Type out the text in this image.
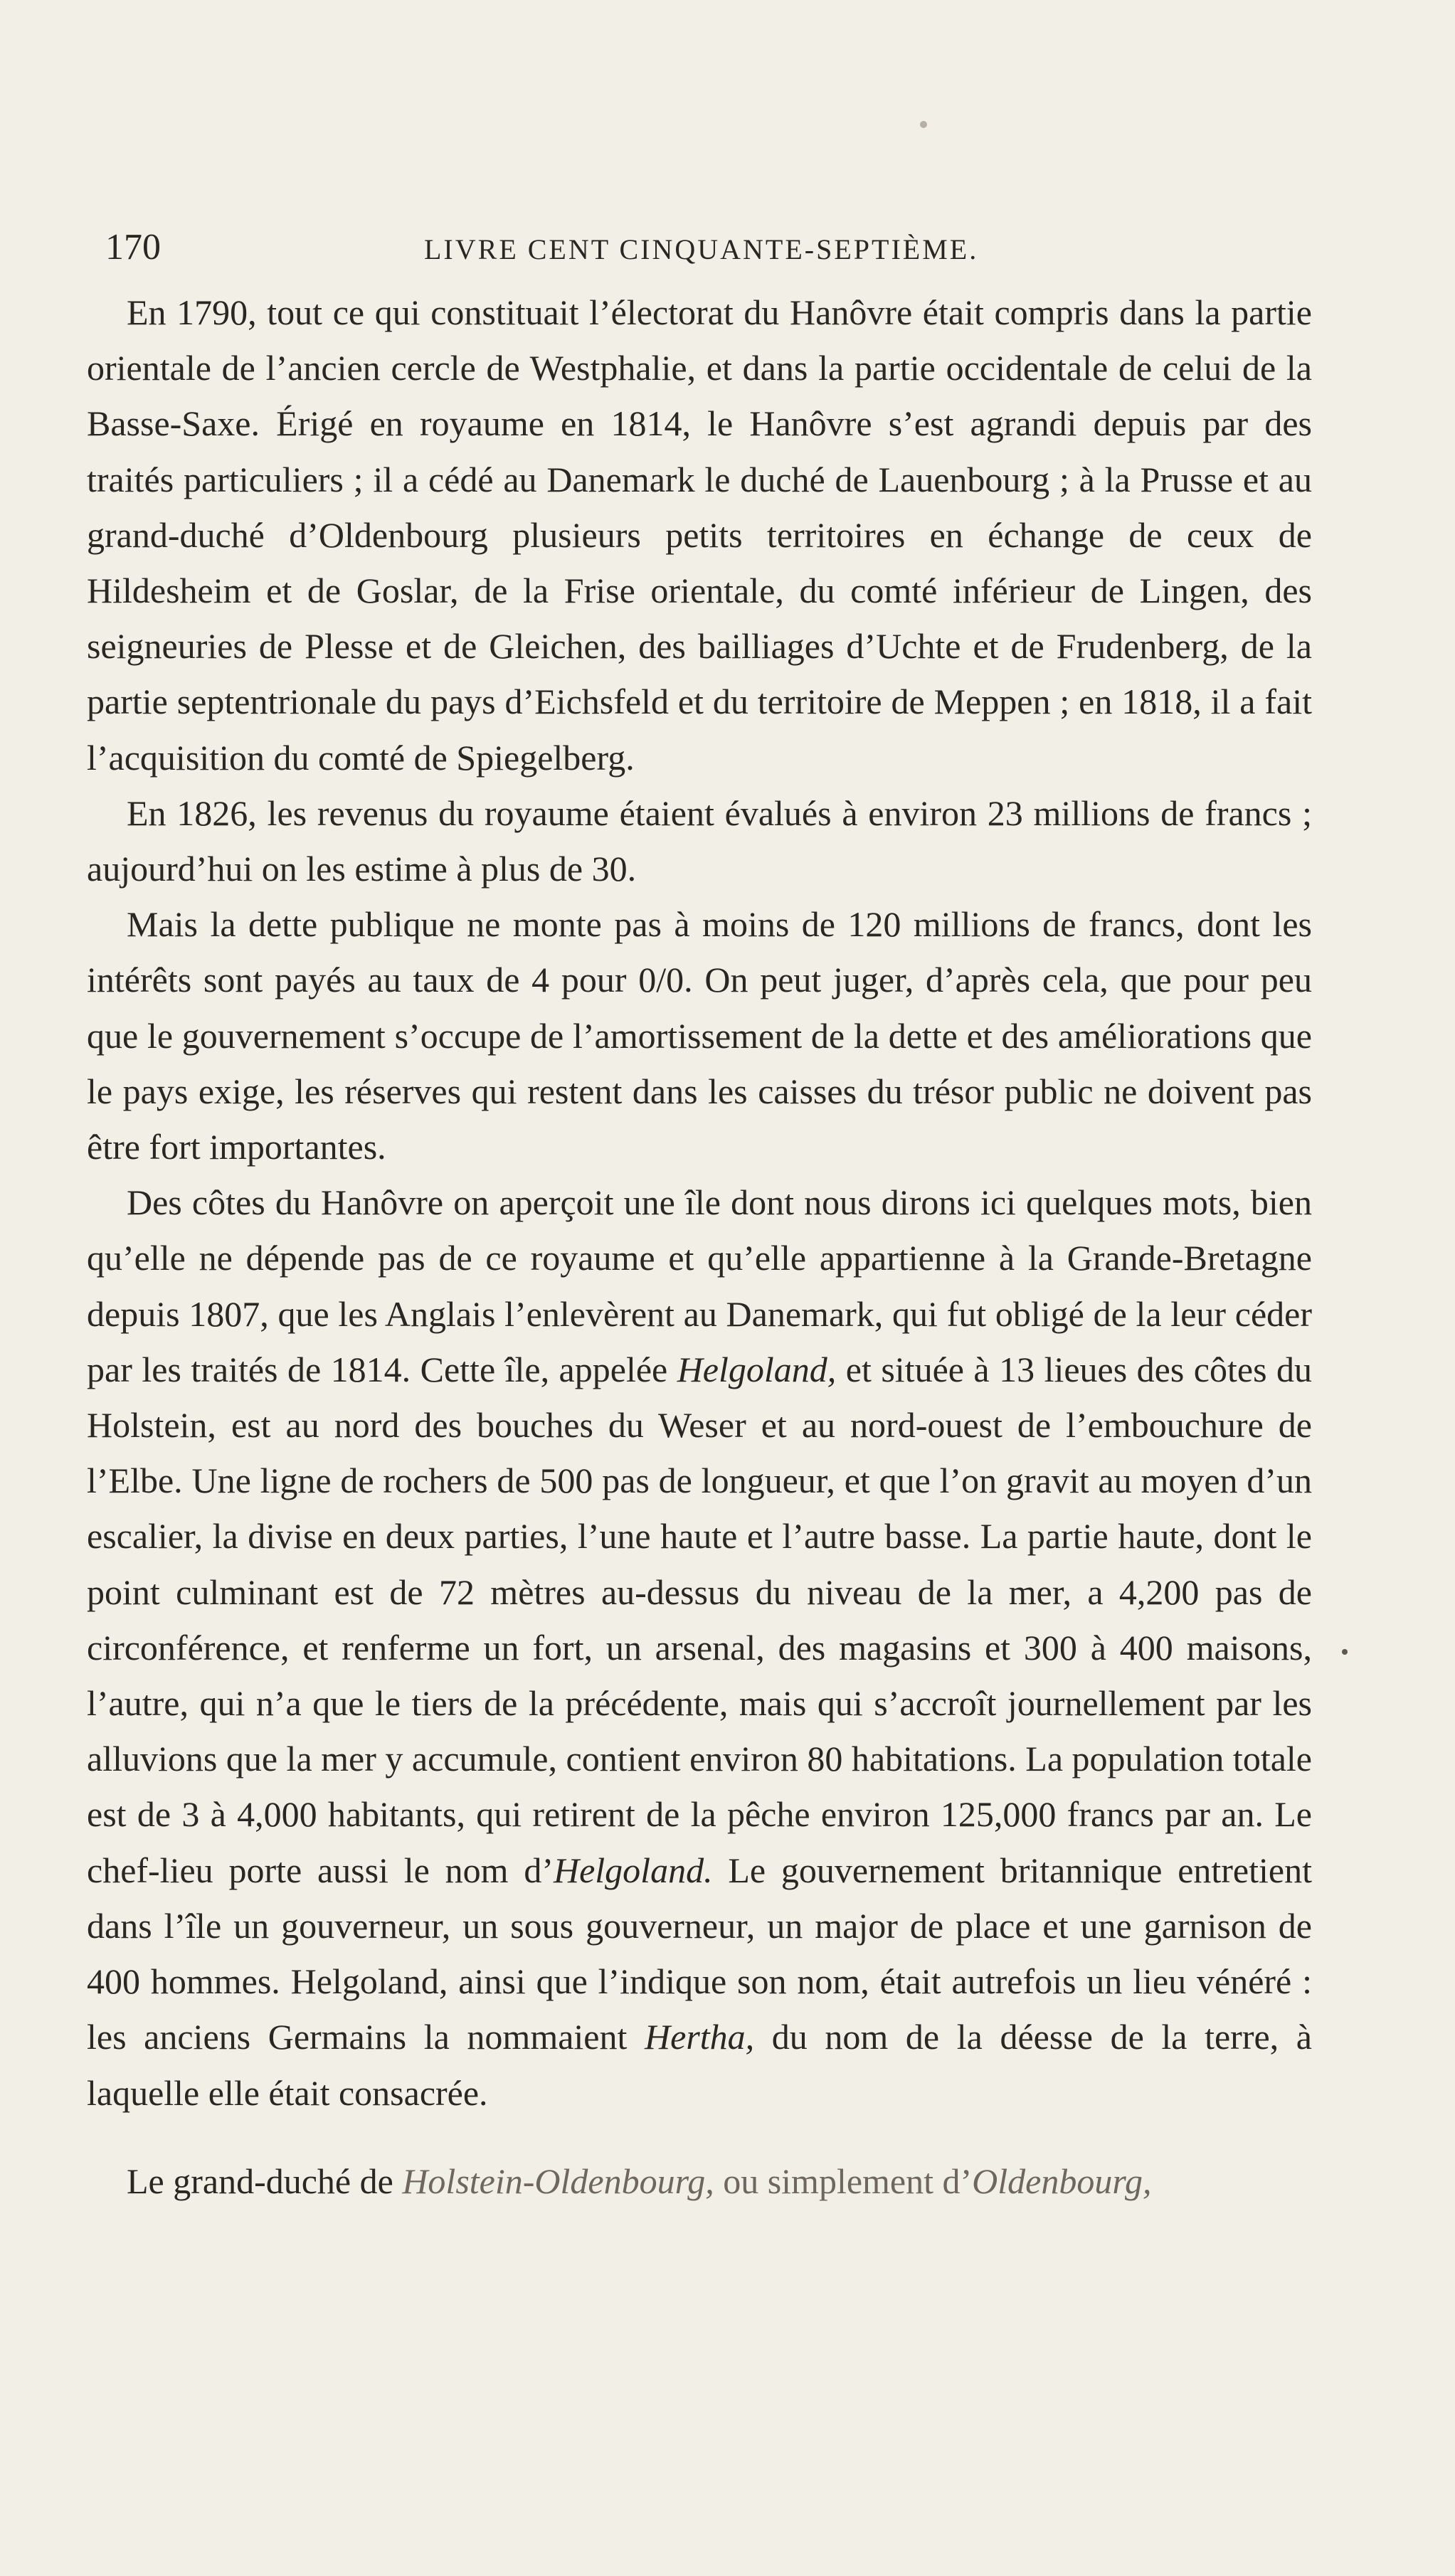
170	LIVRE CENT CINQUANTE-SEPTIÈME.

En 1790, tout ce qui constituait l’électorat du Hanôvre était compris dans la partie orientale de l’ancien cercle de Westphalie, et dans la partie occidentale de celui de la Basse-Saxe. Érigé en royaume en 1814, le Hanôvre s’est agrandi depuis par des traités particuliers ; il a cédé au Danemark le duché de Lauenbourg ; à la Prusse et au grand-duché d’Oldenbourg plusieurs petits territoires en échange de ceux de Hildesheim et de Goslar, de la Frise orientale, du comté inférieur de Lingen, des seigneuries de Plesse et de Gleichen, des bailliages d’Uchte et de Frudenberg, de la partie septentrionale du pays d’Eichsfeld et du territoire de Meppen ; en 1818, il a fait l’acquisition du comté de Spiegelberg.

En 1826, les revenus du royaume étaient évalués à environ 23 millions de francs ; aujourd’hui on les estime à plus de 30.

Mais la dette publique ne monte pas à moins de 120 millions de francs, dont les intérêts sont payés au taux de 4 pour 0/0. On peut juger, d’après cela, que pour peu que le gouvernement s’occupe de l’amortissement de la dette et des améliorations que le pays exige, les réserves qui restent dans les caisses du trésor public ne doivent pas être fort importantes.

Des côtes du Hanôvre on aperçoit une île dont nous dirons ici quelques mots, bien qu’elle ne dépende pas de ce royaume et qu’elle appartienne à la Grande-Bretagne depuis 1807, que les Anglais l’enlevèrent au Danemark, qui fut obligé de la leur céder par les traités de 1814. Cette île, appelée Helgoland, et située à 13 lieues des côtes du Holstein, est au nord des bouches du Weser et au nord-ouest de l’embouchure de l’Elbe. Une ligne de rochers de 500 pas de longueur, et que l’on gravit au moyen d’un escalier, la divise en deux parties, l’une haute et l’autre basse. La partie haute, dont le point culminant est de 72 mètres au-dessus du niveau de la mer, a 4,200 pas de circonférence, et renferme un fort, un arsenal, des magasins et 300 à 400 maisons, l’autre, qui n’a que le tiers de la précédente, mais qui s’accroît journellement par les alluvions que la mer y accumule, contient environ 80 habitations. La population totale est de 3 à 4,000 habitants, qui retirent de la pêche environ 125,000 francs par an. Le chef-lieu porte aussi le nom d’Helgoland. Le gouvernement britannique entretient dans l’île un gouverneur, un sous gouverneur, un major de place et une garnison de 400 hommes. Helgoland, ainsi que l’indique son nom, était autrefois un lieu vénéré : les anciens Germains la nommaient Hertha, du nom de la déesse de la terre, à laquelle elle était consacrée.

Le grand-duché de Holstein-Oldenbourg, ou simplement d’Oldenbourg,
